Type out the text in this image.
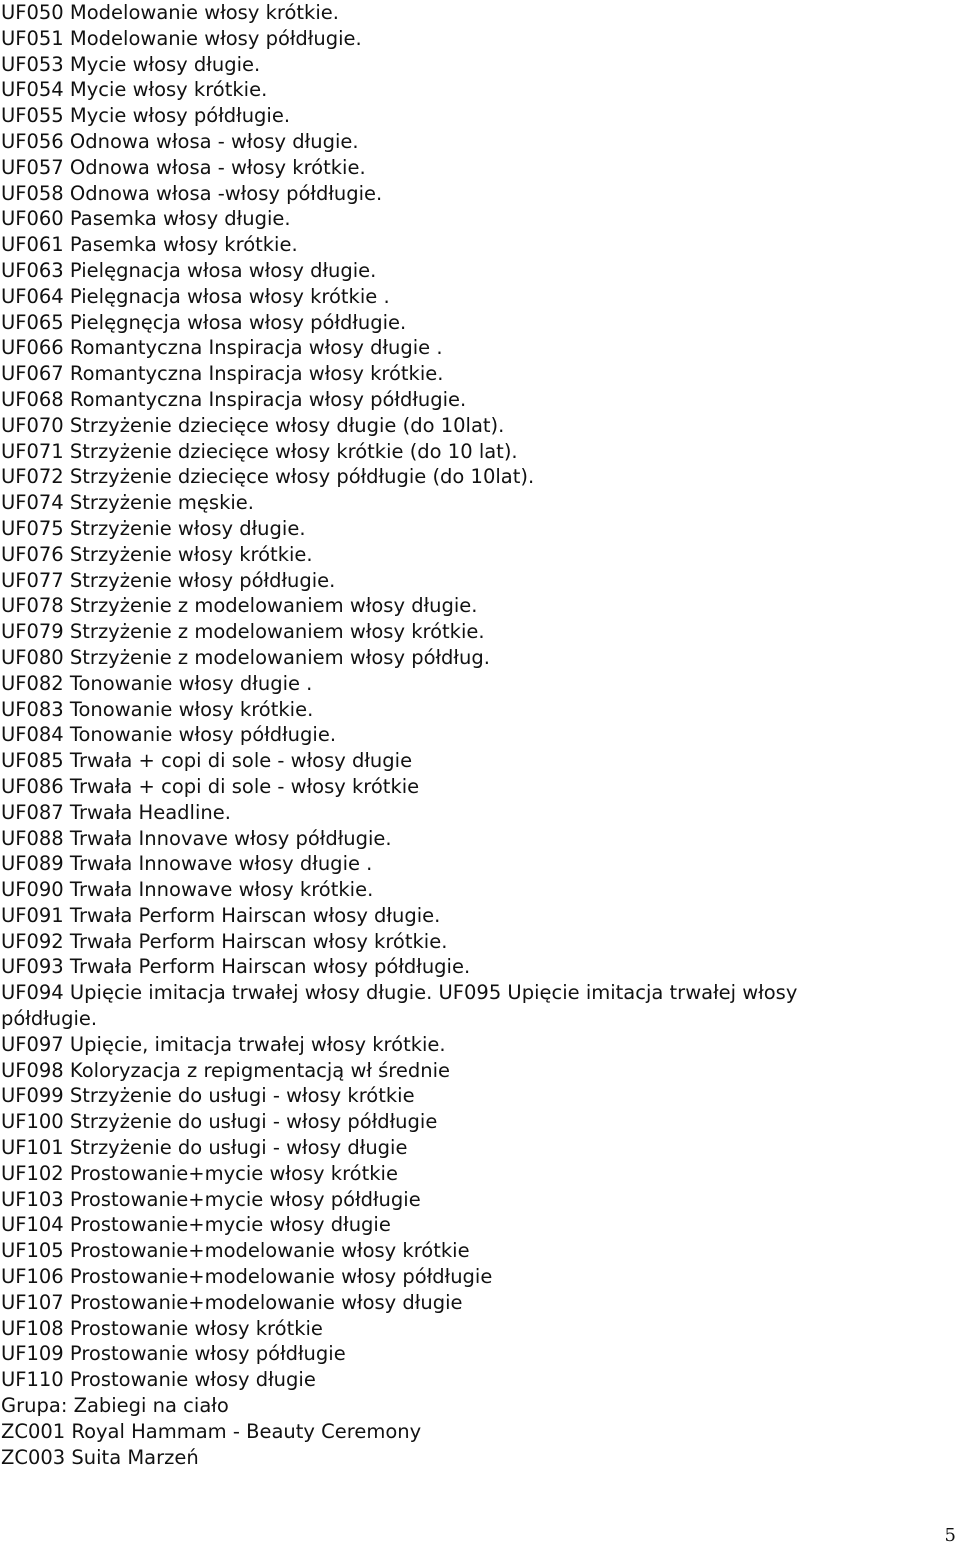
UF050 Modelowanie włosy krótkie.
UF051 Modelowanie włosy półdługie.
UF053 Mycie włosy długie.
UF054 Mycie włosy krótkie.
UF055 Mycie włosy półdługie.
UF056 Odnowa włosa - włosy długie.
UF057 Odnowa włosa - włosy krótkie.
UF058 Odnowa włosa -włosy półdługie.
UF060 Pasemka włosy długie.
UF061 Pasemka włosy krótkie.
UF063 Pielęgnacja włosa włosy długie.
UF064 Pielęgnacja włosa włosy krótkie .
UF065 Pielęgnęcja włosa włosy półdługie.
UF066 Romantyczna Inspiracja włosy długie .
UF067 Romantyczna Inspiracja włosy krótkie.
UF068 Romantyczna Inspiracja włosy półdługie.
UF070 Strzyżenie dziecięce włosy długie (do 10lat).
UF071 Strzyżenie dziecięce włosy krótkie (do 10 lat).
UF072 Strzyżenie dziecięce włosy półdługie (do 10lat).
UF074 Strzyżenie męskie.
UF075 Strzyżenie włosy długie.
UF076 Strzyżenie włosy krótkie.
UF077 Strzyżenie włosy półdługie.
UF078 Strzyżenie z modelowaniem włosy długie.
UF079 Strzyżenie z modelowaniem włosy krótkie.
UF080 Strzyżenie z modelowaniem włosy półdług.
UF082 Tonowanie włosy długie .
UF083 Tonowanie włosy krótkie.
UF084 Tonowanie włosy półdługie.
UF085 Trwała + copi di sole - włosy długie
UF086 Trwała + copi di sole - włosy krótkie
UF087 Trwała Headline.
UF088 Trwała Innovave włosy półdługie.
UF089 Trwała Innowave włosy długie .
UF090 Trwała Innowave włosy krótkie.
UF091 Trwała Perform Hairscan włosy długie.
UF092 Trwała Perform Hairscan włosy krótkie.
UF093 Trwała Perform Hairscan włosy półdługie.
UF094 Upięcie imitacja trwałej włosy długie. UF095 Upięcie imitacja trwałej włosy
półdługie.
UF097 Upięcie, imitacja trwałej włosy krótkie.
UF098 Koloryzacja z repigmentacją wł średnie
UF099 Strzyżenie do usługi - włosy krótkie
UF100 Strzyżenie do usługi - włosy półdługie
UF101 Strzyżenie do usługi - włosy długie
UF102 Prostowanie+mycie włosy krótkie
UF103 Prostowanie+mycie włosy półdługie
UF104 Prostowanie+mycie włosy długie
UF105 Prostowanie+modelowanie włosy krótkie
UF106 Prostowanie+modelowanie włosy półdługie
UF107 Prostowanie+modelowanie włosy długie
UF108 Prostowanie włosy krótkie
UF109 Prostowanie włosy półdługie
UF110 Prostowanie włosy długie
Grupa: Zabiegi na ciało
ZC001 Royal Hammam - Beauty Ceremony
ZC003 Suita Marzeń
5
